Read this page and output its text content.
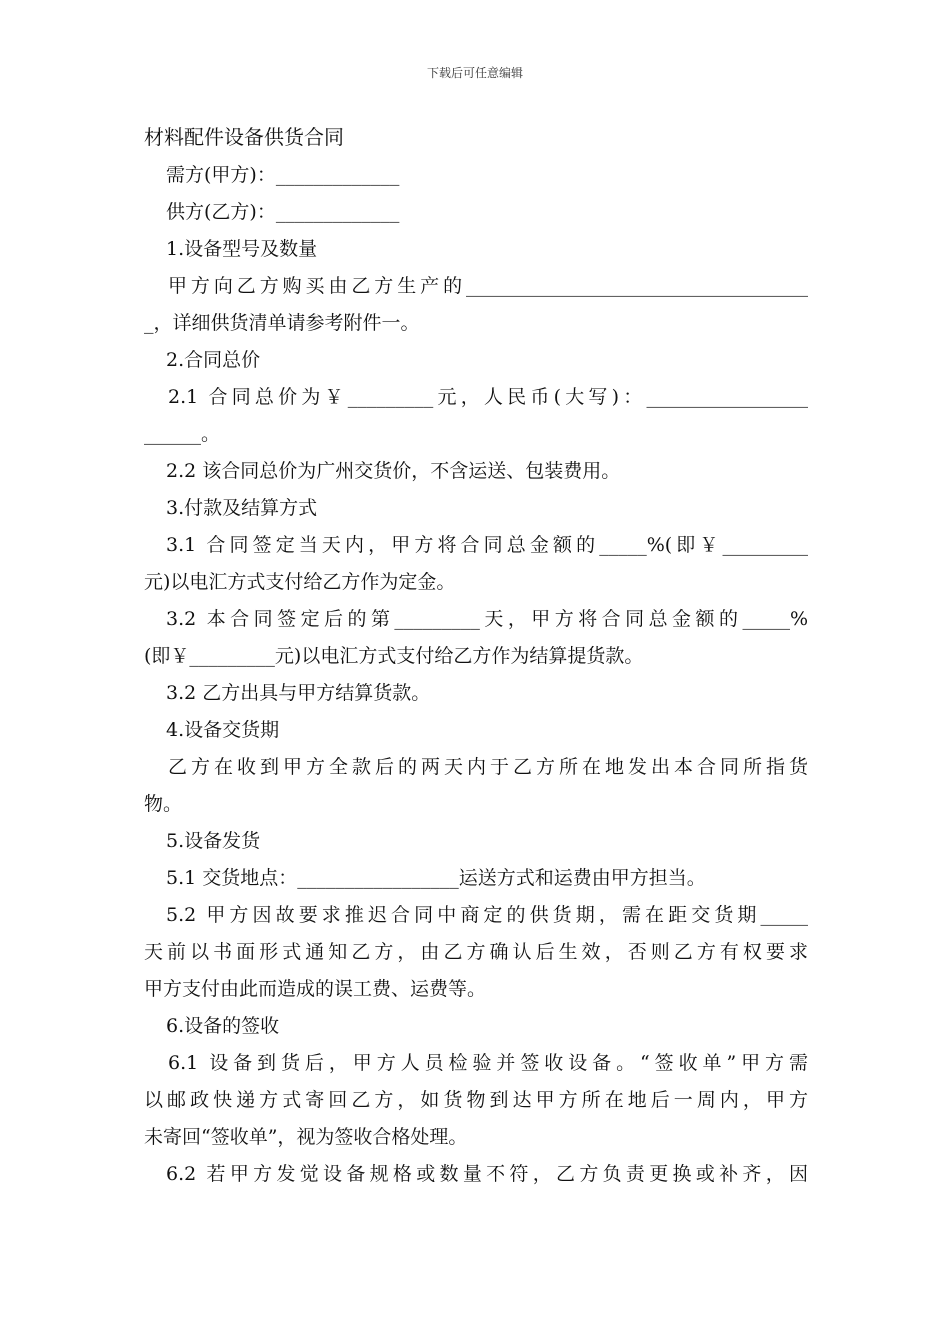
下载后可任意编辑
材料配件设备供货合同
需方(甲方)：_____________
供方(乙方)：_____________
1.设备型号及数量
甲方向乙方购买由乙方生产的____________________________________
_，详细供货清单请参考附件一。
2.合同总价
2.1 合同总价为￥_________元，人民币(大写)：_________________
______。
2.2 该合同总价为广州交货价，不含运送、包装费用。
3.付款及结算方式
3.1 合同签定当天内，甲方将合同总金额的_____%(即￥_________
元)以电汇方式支付给乙方作为定金。
3.2 本合同签定后的第_________天，甲方将合同总金额的_____%
(即￥_________元)以电汇方式支付给乙方作为结算提货款。
3.2 乙方出具与甲方结算货款。
4.设备交货期
乙方在收到甲方全款后的两天内于乙方所在地发出本合同所指货
物。
5.设备发货
5.1 交货地点：_________________运送方式和运费由甲方担当。
5.2 甲方因故要求推迟合同中商定的供货期，需在距交货期_____
天前以书面形式通知乙方，由乙方确认后生效，否则乙方有权要求
甲方支付由此而造成的误工费、运费等。
6.设备的签收
6.1 设备到货后，甲方人员检验并签收设备。“签收单”甲方需
以邮政快递方式寄回乙方，如货物到达甲方所在地后一周内，甲方
未寄回“签收单”，视为签收合格处理。
6.2 若甲方发觉设备规格或数量不符，乙方负责更换或补齐，因
